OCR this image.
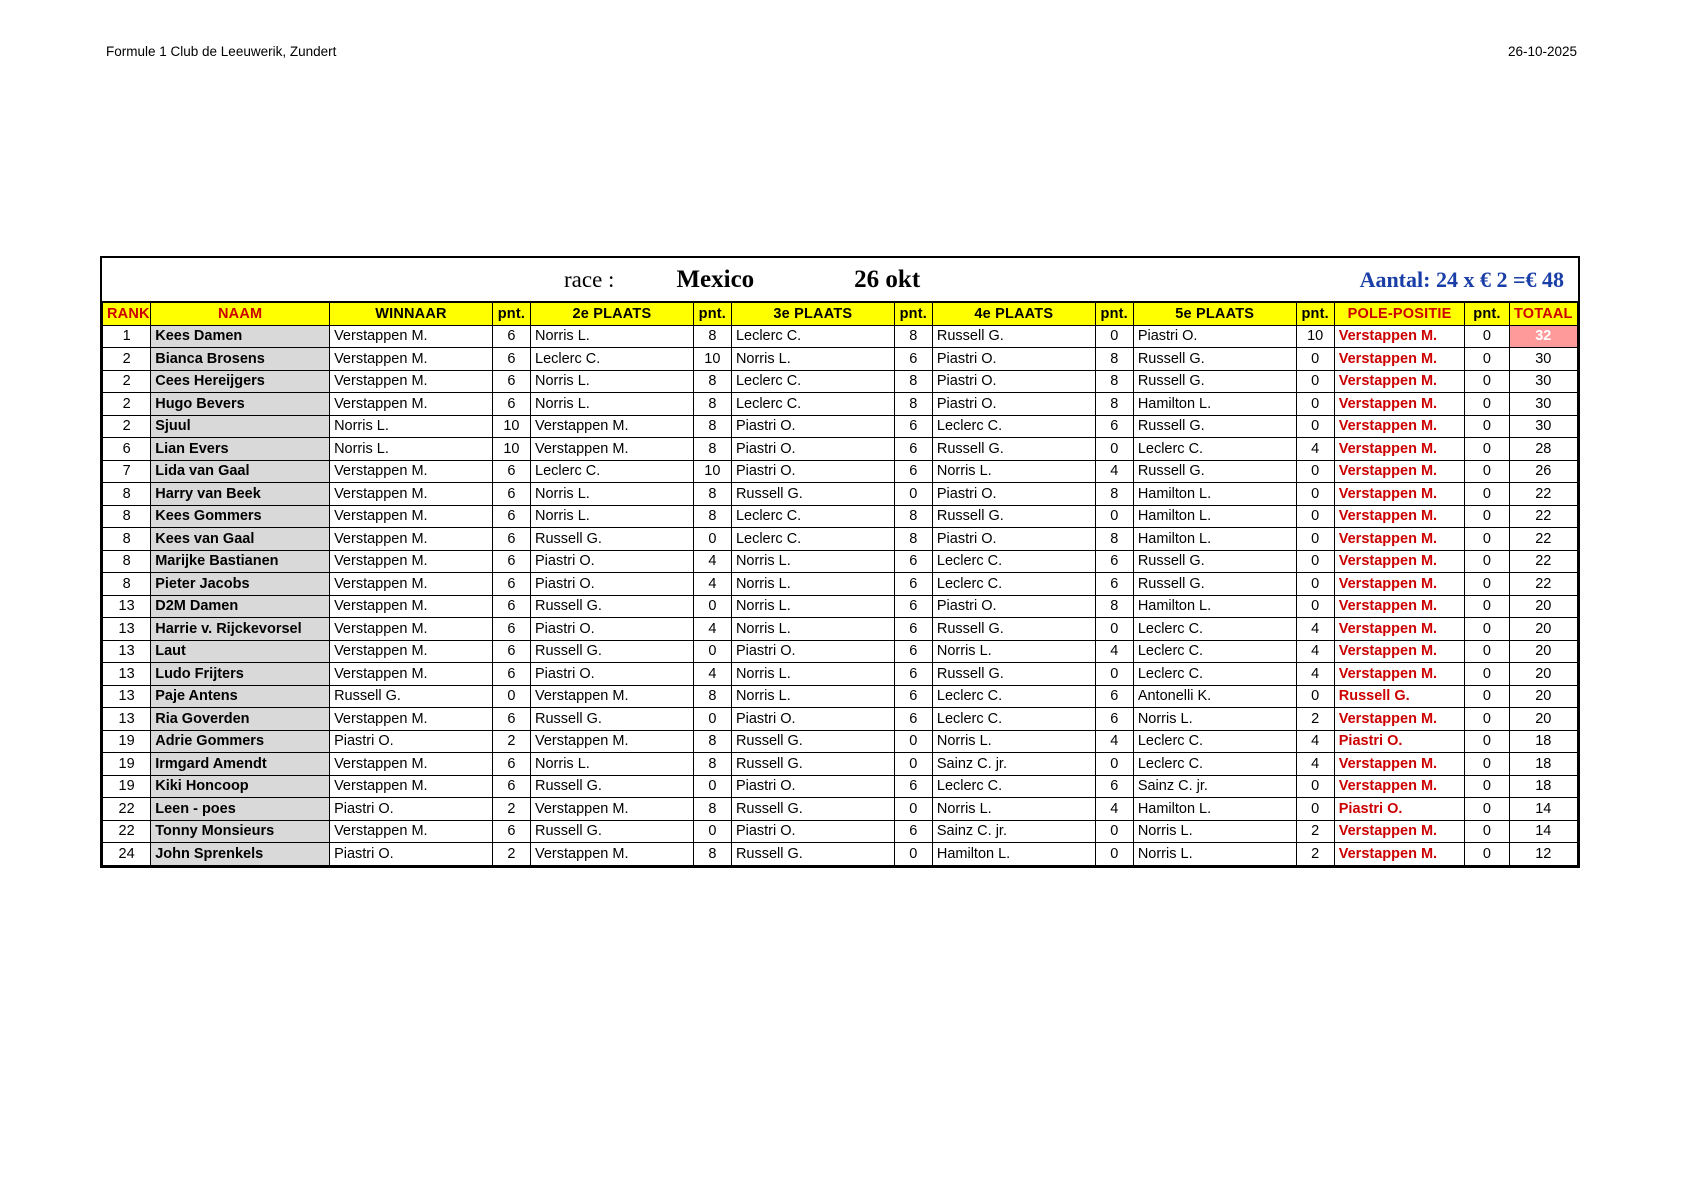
Formule 1 Club de Leeuwerik, Zundert	26-10-2025
race : Mexico	26 okt	Aantal: 24 x € 2 =€ 48
RANK	NAAM	WINNAAR	pnt.	2e PLAATS	pnt.	3e PLAATS	pnt.	4e PLAATS	pnt.	5e PLAATS	pnt.	POLE-POSITIE	pnt.	TOTAAL
1	Kees Damen	Verstappen M.	6	Norris L.	8	Leclerc C.	8	Russell G.	0	Piastri O.	10	Verstappen M.	0	32
2	Bianca Brosens	Verstappen M.	6	Leclerc C.	10	Norris L.	6	Piastri O.	8	Russell G.	0	Verstappen M.	0	30
2	Cees Hereijgers	Verstappen M.	6	Norris L.	8	Leclerc C.	8	Piastri O.	8	Russell G.	0	Verstappen M.	0	30
2	Hugo Bevers	Verstappen M.	6	Norris L.	8	Leclerc C.	8	Piastri O.	8	Hamilton L.	0	Verstappen M.	0	30
2	Sjuul	Norris L.	10	Verstappen M.	8	Piastri O.	6	Leclerc C.	6	Russell G.	0	Verstappen M.	0	30
6	Lian Evers	Norris L.	10	Verstappen M.	8	Piastri O.	6	Russell G.	0	Leclerc C.	4	Verstappen M.	0	28
7	Lida van Gaal	Verstappen M.	6	Leclerc C.	10	Piastri O.	6	Norris L.	4	Russell G.	0	Verstappen M.	0	26
8	Harry van Beek	Verstappen M.	6	Norris L.	8	Russell G.	0	Piastri O.	8	Hamilton L.	0	Verstappen M.	0	22
8	Kees Gommers	Verstappen M.	6	Norris L.	8	Leclerc C.	8	Russell G.	0	Hamilton L.	0	Verstappen M.	0	22
8	Kees van Gaal	Verstappen M.	6	Russell G.	0	Leclerc C.	8	Piastri O.	8	Hamilton L.	0	Verstappen M.	0	22
8	Marijke Bastianen	Verstappen M.	6	Piastri O.	4	Norris L.	6	Leclerc C.	6	Russell G.	0	Verstappen M.	0	22
8	Pieter Jacobs	Verstappen M.	6	Piastri O.	4	Norris L.	6	Leclerc C.	6	Russell G.	0	Verstappen M.	0	22
13	D2M Damen	Verstappen M.	6	Russell G.	0	Norris L.	6	Piastri O.	8	Hamilton L.	0	Verstappen M.	0	20
13	Harrie v. Rijckevorsel	Verstappen M.	6	Piastri O.	4	Norris L.	6	Russell G.	0	Leclerc C.	4	Verstappen M.	0	20
13	Laut	Verstappen M.	6	Russell G.	0	Piastri O.	6	Norris L.	4	Leclerc C.	4	Verstappen M.	0	20
13	Ludo Frijters	Verstappen M.	6	Piastri O.	4	Norris L.	6	Russell G.	0	Leclerc C.	4	Verstappen M.	0	20
13	Paje Antens	Russell G.	0	Verstappen M.	8	Norris L.	6	Leclerc C.	6	Antonelli K.	0	Russell G.	0	20
13	Ria Goverden	Verstappen M.	6	Russell G.	0	Piastri O.	6	Leclerc C.	6	Norris L.	2	Verstappen M.	0	20
19	Adrie Gommers	Piastri O.	2	Verstappen M.	8	Russell G.	0	Norris L.	4	Leclerc C.	4	Piastri O.	0	18
19	Irmgard Amendt	Verstappen M.	6	Norris L.	8	Russell G.	0	Sainz C. jr.	0	Leclerc C.	4	Verstappen M.	0	18
19	Kiki Honcoop	Verstappen M.	6	Russell G.	0	Piastri O.	6	Leclerc C.	6	Sainz C. jr.	0	Verstappen M.	0	18
22	Leen - poes	Piastri O.	2	Verstappen M.	8	Russell G.	0	Norris L.	4	Hamilton L.	0	Piastri O.	0	14
22	Tonny Monsieurs	Verstappen M.	6	Russell G.	0	Piastri O.	6	Sainz C. jr.	0	Norris L.	2	Verstappen M.	0	14
24	John Sprenkels	Piastri O.	2	Verstappen M.	8	Russell G.	0	Hamilton L.	0	Norris L.	2	Verstappen M.	0	12
